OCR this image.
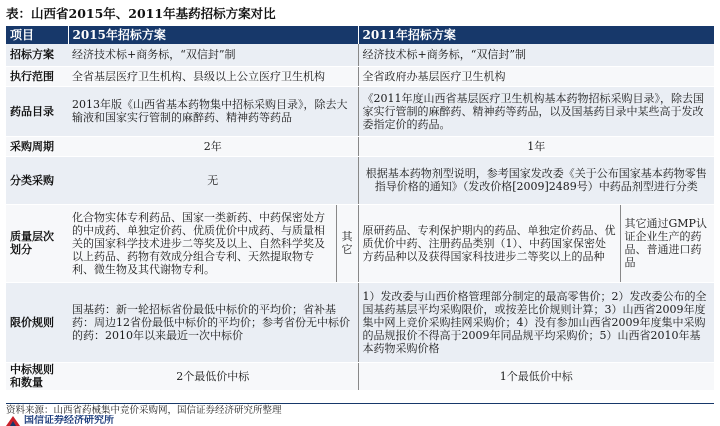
表：山西省2015年、2011年基药招标方案对比
项目	2015年招标方案		2011年招标方案	
招标方案	经济技术标+商务标，“双信封”制		经济技术标+商务标，“双信封”制	
执行范围	全省基层医疗卫生机构、县级以上公立医疗卫生机构		全省政府办基层医疗卫生机构	
药品目录	2013年版《山西省基本药物集中招标采购目录》，除去大输液和国家实行管制的麻醉药、精神药等药品		《2011年度山西省基层医疗卫生机构基本药物招标采购目录》，除去国家实行管制的麻醉药、精神药等药品，以及国基药目录中某些高于发改委指定价的药品。	
采购周期	2年		1年	
分类采购	无		根据基本药物剂型说明，参考国家发改委《关于公布国家基本药物零售指导价格的通知》（发改价格[2009]2489号）中药品剂型进行分类	
质量层次划分	化合物实体专利药品、国家一类新药、中药保密处方的中成药、单独定价药、优质优价中成药、与质量相关的国家科学技术进步二等奖及以上、自然科学奖及以上药品、药物有效成分组合专利、天然提取物专利、微生物及其代谢物专利。	其它	原研药品、专利保护期内的药品、单独定价药品、优质优价中药、注册药品类别（1）、中药国家保密处方药品种以及获得国家科技进步二等奖以上的品种	其它通过GMP认证企业生产的药品、普通进口药品
限价规则	国基药：新一轮招标省份最低中标价的平均价；省补基药：周边12省份最低中标价的平均价；参考省份无中标价的药：2010年以来最近一次中标价		1）发改委与山西价格管理部分制定的最高零售价；2）发改委公布的全国基药基层平均采购限价，或按差比价规则计算；3）山西省2009年度集中网上竞价采购挂网采购价；4）没有参加山西省2009年度集中采购的品规报价不得高于2009年同品规平均采购价；5）山西省2010年基本药物采购价格	
中标规则和数量	2个最低价中标		1个最低价中标	
资料来源：山西省药械集中竞价采购网，国信证券经济研究所整理
国信证券经济研究所
